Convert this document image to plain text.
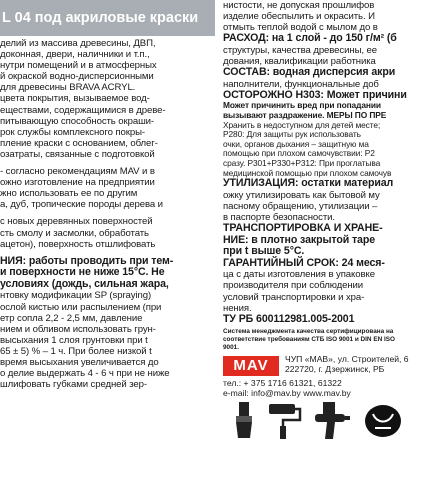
L 04 под акриловые краски
делий из массива древесины, ДВП,
доконная, двери, наличники и т.п.,
нутри помещений и в атмосферных
й окраской водно-дисперсионными
для древесины BRAVA ACRYL.
цвета покрытия, вызываемое вод-
еществами, содержащимися в древе-
питывающую способность окраши-
рок службы комплексного покры-
пление краски с основанием, облег-
озатраты, связанные с подготовкой
- согласно рекомендациям MAV и в
ожно изготовление на предприятии
жно использовать ее по другим
а, дуб, тропические породы дерева и
с новых деревянных поверхностей
сть смолу и засмолки, обработать
ацетон), поверхность отшлифовать
НИЯ: работы проводить при тем-
и поверхности не ниже 15°С. Не
условиях (дождь, сильная жара,
нтовку модификации SP (spraying)
ослой кистью или распылением (при
етр сопла 2,2 - 2,5 мм, давление
нием и обливом использовать грун-
высыхания 1 слоя грунтовки при t
65 ± 5) % – 1 ч. При более низкой t
время высыхания увеличивается до
о делие выдержать 4 - 6 ч при не ниже
шлифовать губками средней зер-
нистости, не допуская прошлифов
изделие обеспылить и окрасить. И
отмыть теплой водой с мылом до в
РАСХОД: на 1 слой - до 150 г/м² (б
структуры, качества древесины, ее
дования, квалификации работника
СОСТАВ: водная дисперсия акри
наполнители, функциональные доб
ОСТОРОЖНО Н303: Может причини
Может причинить вред при попадании
вызывают раздражение. МЕРЫ ПО ПРЕ
Хранить в недоступном для детей месте;
P280: Для защиты рук использовать
очки, органов дыхания – защитную ма
помощью при плохом самочувствии: Р2
сразу. Р301+Р330+Р312: При проглатыва
медицинской помощью при плохом самочув
УТИЛИЗАЦИЯ: остатки материал
ожку утилизировать как бытовой му
пасному обращению, утилизации –
в паспорте безопасности.
ТРАНСПОРТИРОВКА И ХРАНЕ-
НИЕ: в плотно закрытой таре
при t выше 5°С.
ГАРАНТИЙНЫЙ СРОК: 24 меся-
ца с даты изготовления в упаковке
производителя при соблюдении
условий транспортировки и хра-
нения.
ТУ РБ 600112981.005-2001
Система менеджмента качества сертифицирована на
соответствие требованиям СТБ ISO 9001 и DIN EN ISO
9001.
MAV	ЧУП «МАВ», ул. Строителей, 6
222720, г. Дзержинск, РБ
тел.: + 375 1716 61321, 61322
e-mail: info@mav.by www.mav.by
